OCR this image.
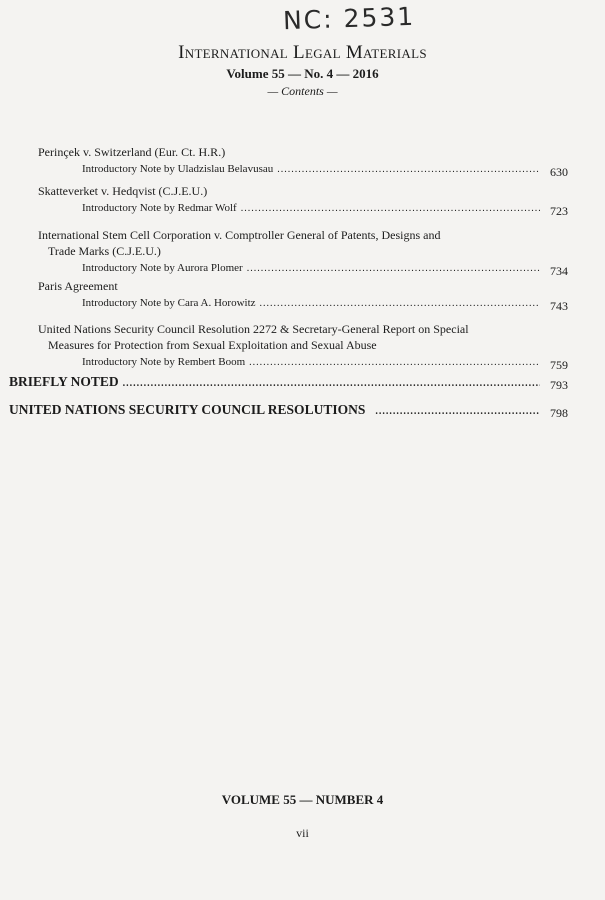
NC: 2531
International Legal Materials
Volume 55 — No. 4 — 2016
— Contents —
Perinçek v. Switzerland (Eur. Ct. H.R.)
Introductory Note by Uladzislau Belavusau .....	630
Skatteverket v. Hedqvist (C.J.E.U.)
Introductory Note by Redmar Wolf .....	723
International Stem Cell Corporation v. Comptroller General of Patents, Designs and
Trade Marks (C.J.E.U.)
Introductory Note by Aurora Plomer .....	734
Paris Agreement
Introductory Note by Cara A. Horowitz .....	743
United Nations Security Council Resolution 2272 & Secretary-General Report on Special
Measures for Protection from Sexual Exploitation and Sexual Abuse
Introductory Note by Rembert Boom .....	759
BRIEFLY NOTED .....	793
UNITED NATIONS SECURITY COUNCIL RESOLUTIONS .....	798
VOLUME 55 — NUMBER 4
vii
